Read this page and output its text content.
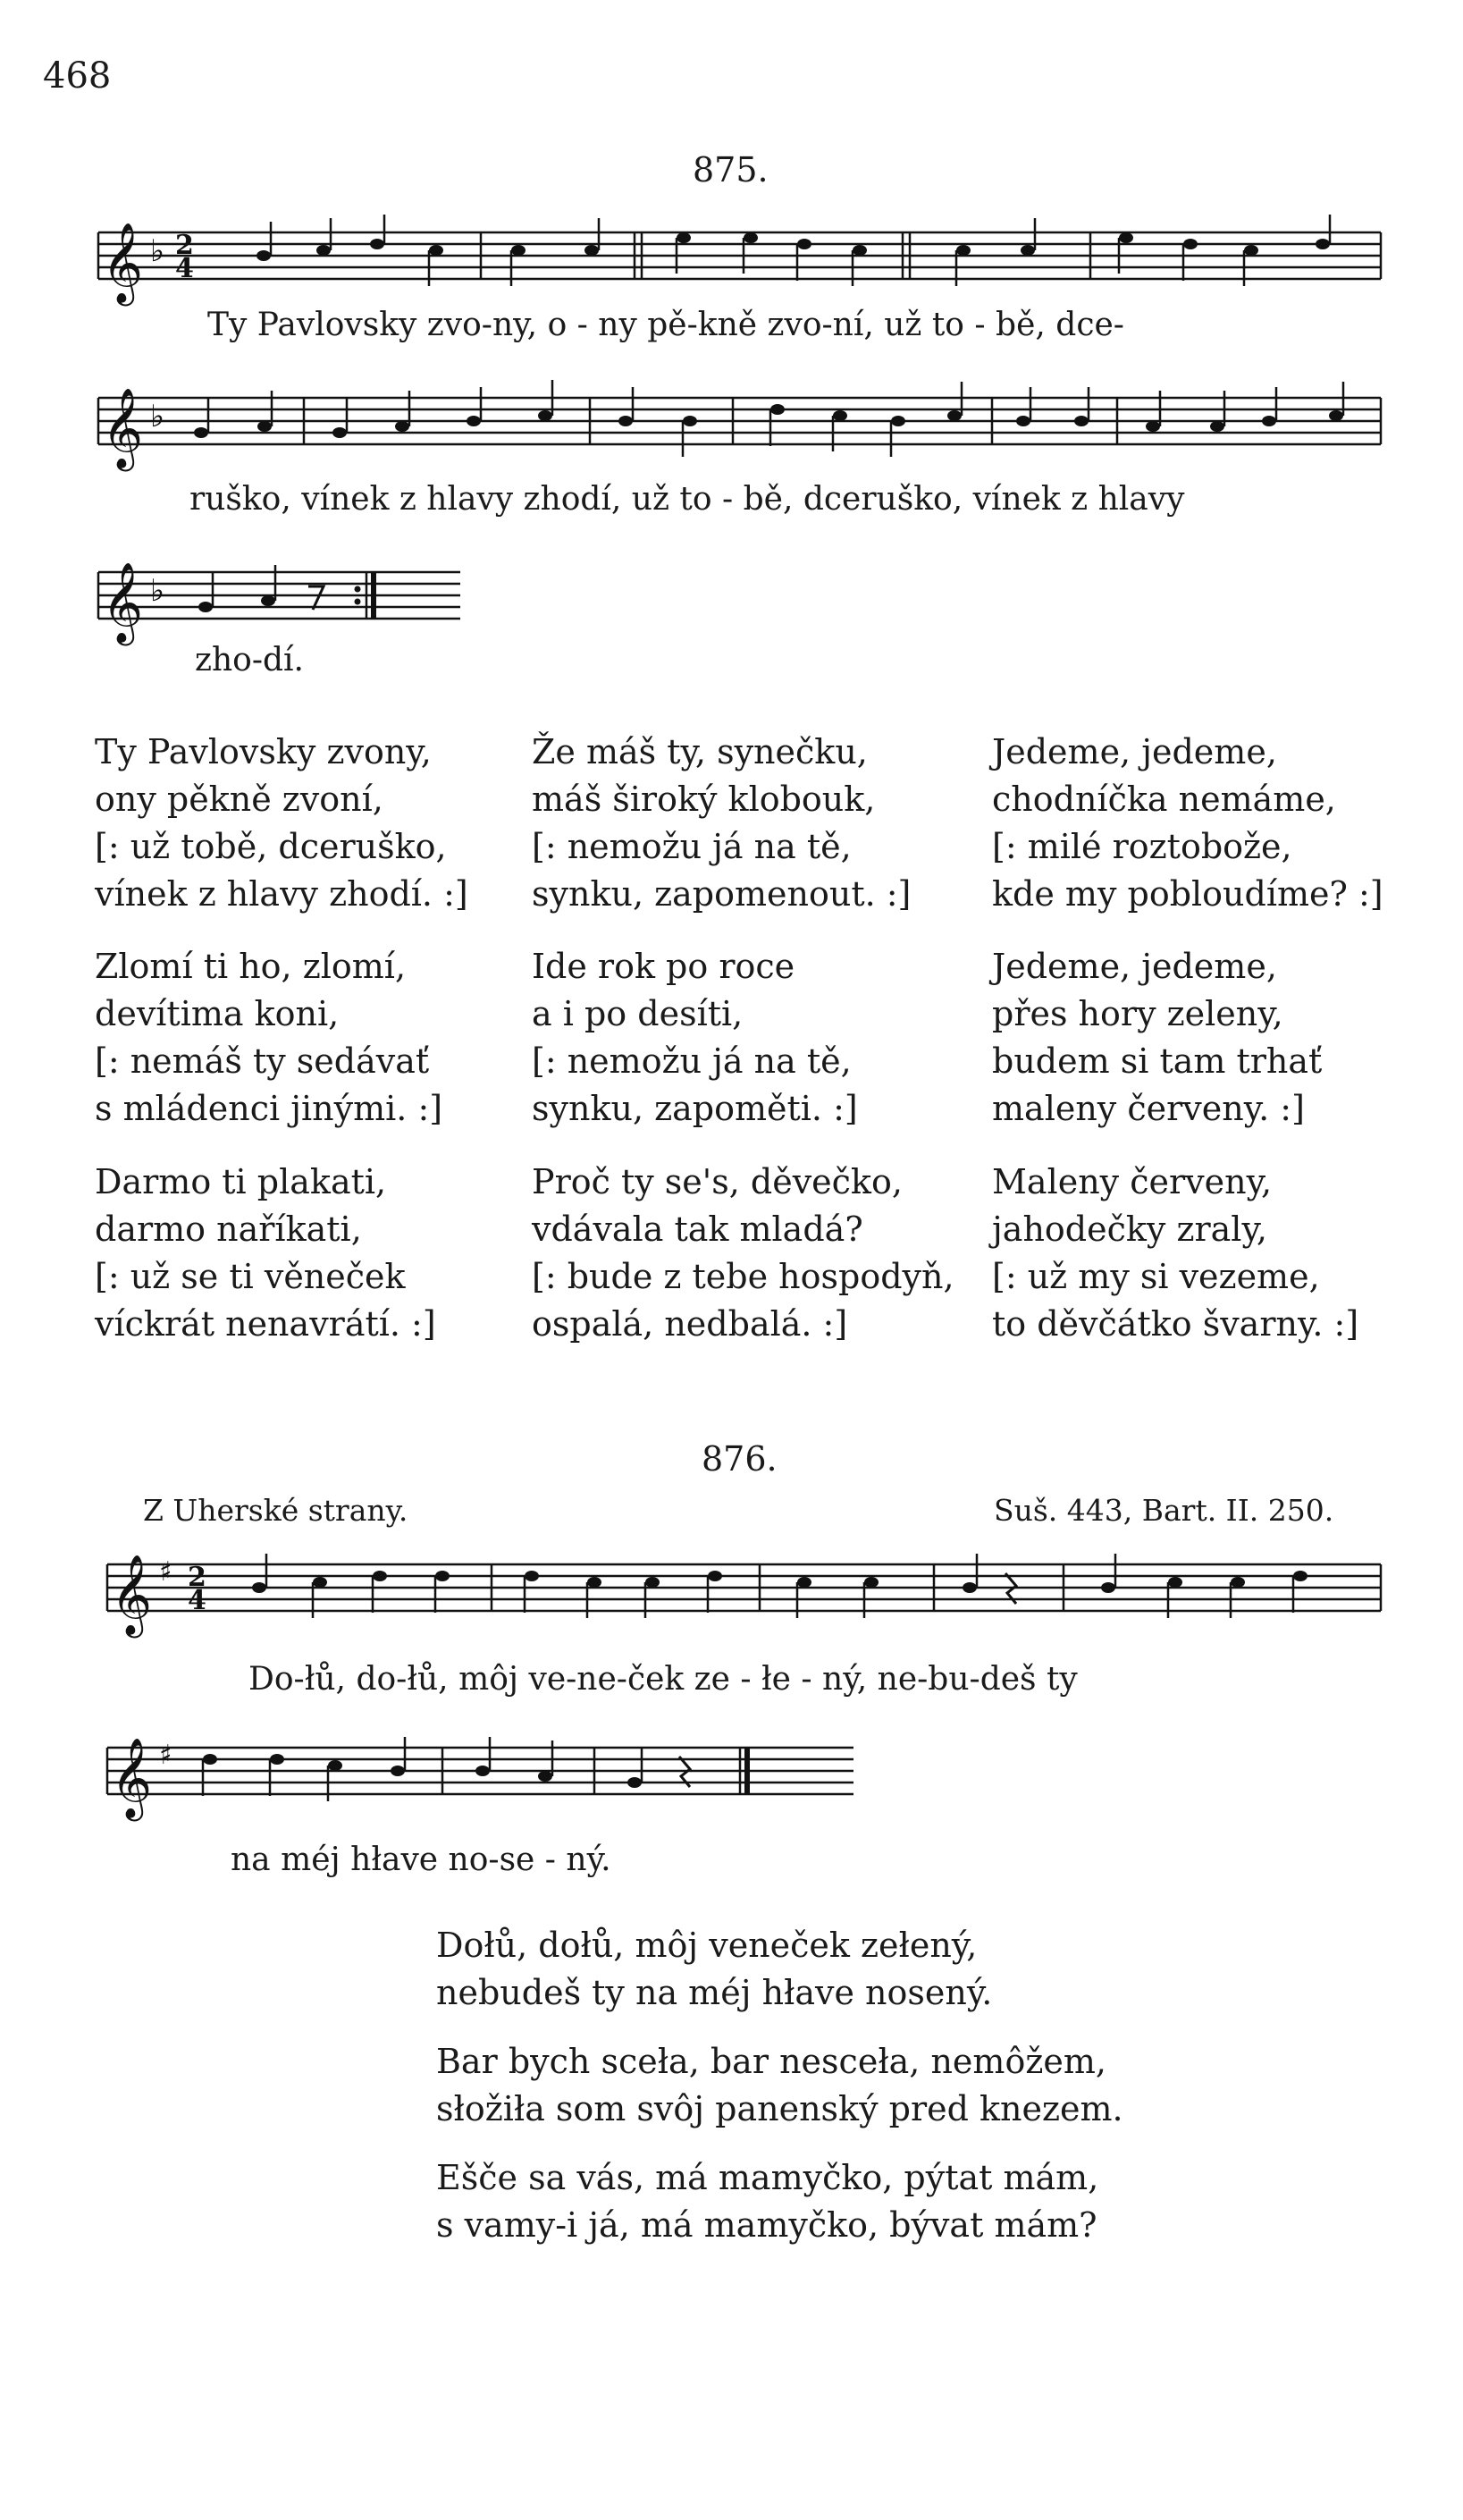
468
875.
𝄞 ♭ 2
4
Ty Pavlovsky zvo-ny, o - ny pě-kně zvo-ní, už to - bě, dce-
𝄞 ♭
ruško, vínek z hlavy zhodí, už to - bě, dceruško, vínek z hlavy
𝄞 ♭
zho-dí.
Ty Pavlovsky zvony,
ony pěkně zvoní,
[: už tobě, dceruško,
vínek z hlavy zhodí. :]
Zlomí ti ho, zlomí,
devítima koni,
[: nemáš ty sedávať
s mládenci jinými. :]
Darmo ti plakati,
darmo naříkati,
[: už se ti věneček
víckrát nenavrátí. :]
Že máš ty, synečku,
máš široký klobouk,
[: nemožu já na tě,
synku, zapomenout. :]
Ide rok po roce
a i po desíti,
[: nemožu já na tě,
synku, zapoměti. :]
Proč ty se's, děvečko,
vdávala tak mladá?
[: bude z tebe hospodyň,
ospalá, nedbalá. :]
Jedeme, jedeme,
chodníčka nemáme,
[: milé roztobože,
kde my pobloudíme? :]
Jedeme, jedeme,
přes hory zeleny,
budem si tam trhať
maleny červeny. :]
Maleny červeny,
jahodečky zraly,
[: už my si vezeme,
to děvčátko švarny. :]
876.
Z Uherské strany.	Suš. 443, Bart. II. 250.
𝄞 ♯ 2
4
Do-łů, do-łů, môj ve-ne-ček ze - łe - ný, ne-bu-deš ty
𝄞 ♯
na méj hłave no-se - ný.
Dołů, dołů, môj veneček zełený,
nebudeš ty na méj hłave nosený.
Bar bych sceła, bar nesceła, nemôžem,
słožiła som svôj panenský pred knezem.
Ešče sa vás, má mamyčko, pýtat mám,
s vamy-i já, má mamyčko, bývat mám?
